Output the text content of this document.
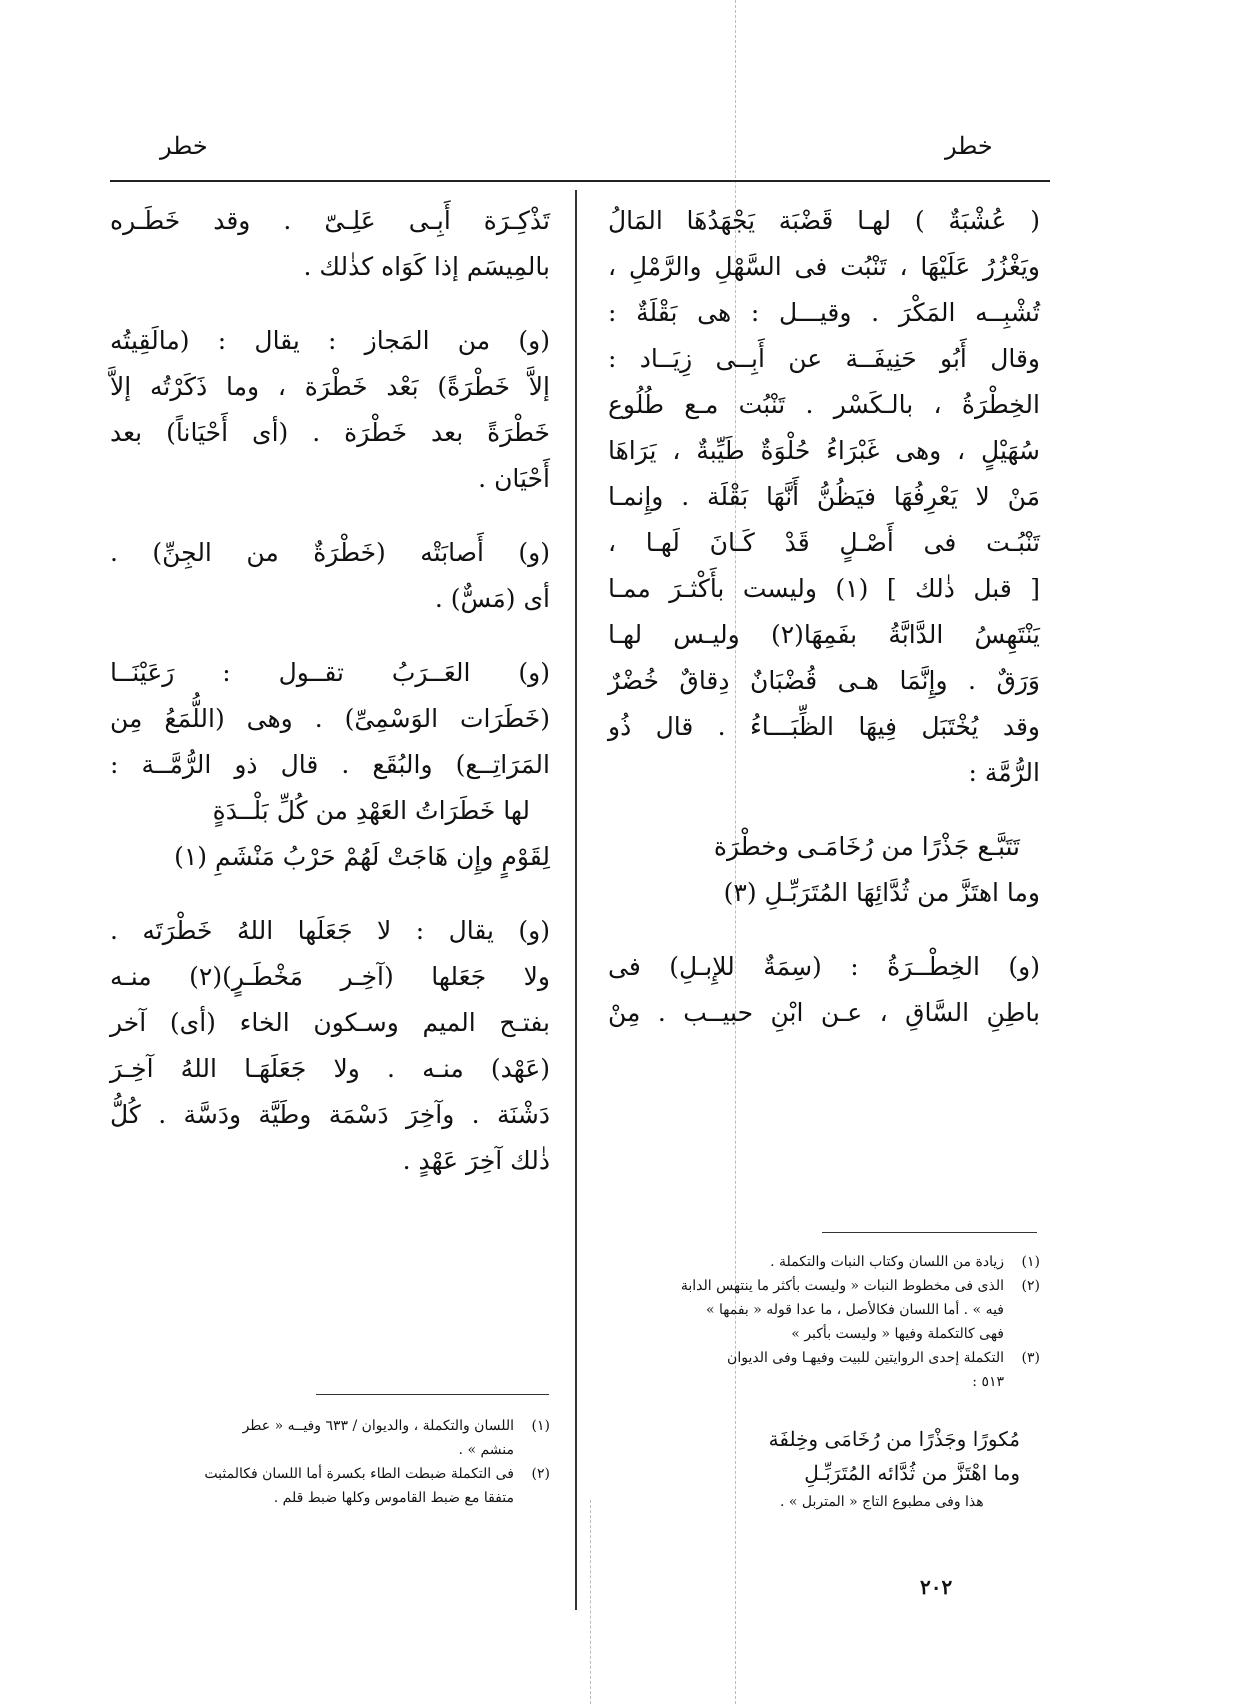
خطر
خطر
( عُشْبَةٌ ) لهـا قَضْبَة يَجْهَدُهَا المَالُ
ويَغْزُرُ عَلَيْهَا ، تَنْبُت فى السَّهْلِ والرَّمْلِ ،
تُشْبِــه المَكْرَ . وقيـــل : هى بَقْلَةٌ :
وقال أَبُو حَنِيفَــة عن أَبِــى زِيَــاد :
الخِطْرَةُ ، بالـكَسْر . تَنْبُت مـع طُلُوع
سُهَيْلٍ ، وهى غَبْرَاءُ حُلْوَةٌ طَيِّبةٌ ، يَرَاهَا
مَنْ لا يَعْرِفُهَا فيَظُنُّ أَنَّهَا بَقْلَة . وإِنمـا
تَنْبُـت فى أَصْـلٍ قَدْ كَـانَ لَهـا ،
[ قبل ذٰلك ] (١) وليست بأَكْثـرَ ممـا
يَنْتَهِسُ الدَّابَّةُ بفَمِهَا(٢) وليـس لهـا
وَرَقٌ . وإِنَّمَا هـى قُضْبَانٌ دِقاقٌ خُضْرٌ
وقد يُخْتَبَل فِيهَا الظِّبَـــاءُ . قال ذُو
الرُّمَّة :
تَتَبَّـع جَذْرًا من رُخَامَـى وخطْرَة
وما اهتَزَّ من ثُدَّائِهَا المُتَرَبِّـلِ (٣)
(و) الخِطْــرَةُ : (سِمَةٌ للإِبـلِ) فى
باطِنِ السَّاقِ ، عـن ابْنِ حبيــب . مِنْ
تَذْكِـرَة أَبِـى عَلِـىّ . وقد خَطَـره
بالمِيسَم إذا كَوَاه كذٰلك .
(و) من المَجاز : يقال : (مالَقِيتُه
إلاَّ خَطْرَةً) بَعْد خَطْرَة ، وما ذَكَرْتُه إلاَّ
خَطْرَةً بعد خَطْرَة . (أى أَحْيَاناً) بعد
أَحْيَان .
(و) أَصابَتْه (خَطْرَةٌ من الجِنِّ) .
أى (مَسٌّ) .
(و) العَــرَبُ تقــول : رَعَيْنَــا
(خَطَرَات الوَسْمِىِّ) . وهى (اللُّمَعُ مِن
المَرَاتِــع) والبُقَع . قال ذو الرُّمَّــة :
لها خَطَرَاتُ العَهْدِ من كُلِّ بَلْــدَةٍ
لِقَوْمٍ وإِن هَاجَتْ لَهُمْ حَرْبُ مَنْشَمِ (١)
(و) يقال : لا جَعَلَها اللهُ خَطْرَتَه .
ولا جَعَلها (آخِـر مَخْطَـرٍ)(٢) منـه
بفتـح الميم وسـكون الخاء (أى) آخر
(عَهْد) منـه . ولا جَعَلَهَـا اللهُ آخِـرَ
دَشْنَة . وآخِرَ دَسْمَة وطَيَّة ودَسَّة . كُلُّ
ذٰلك آخِرَ عَهْدٍ .
(١)زيادة من اللسان وكتاب النبات والتكملة .
(٢)الذى فى مخطوط النبات « وليست بأكثر ما ينتهس الدابة
فيه » . أما اللسان فكالأصل ، ما عدا قوله « بفمها »
فهى كالتكملة وفيها « وليست بأكبر »
(٣)التكملة إحدى الروايتين للبيت وفيهـا وفى الديوان
٥١٣ :
مُكورًا وجَذْرًا من رُخَامَى وخِلفَة
وما اهْتَزَّ من ثُدَّائه المُتَرَبِّـلِ
هذا وفى مطبوع التاج « المتربل » .
(١)اللسان والتكملة ، والديوان / ٦٣٣ وفيــه « عطر
منشم » .
(٢)فى التكملة ضبطت الطاء بكسرة أما اللسان فكالمثبت
متفقا مع ضبط القاموس وكلها ضبط قلم .
٢٠٢
